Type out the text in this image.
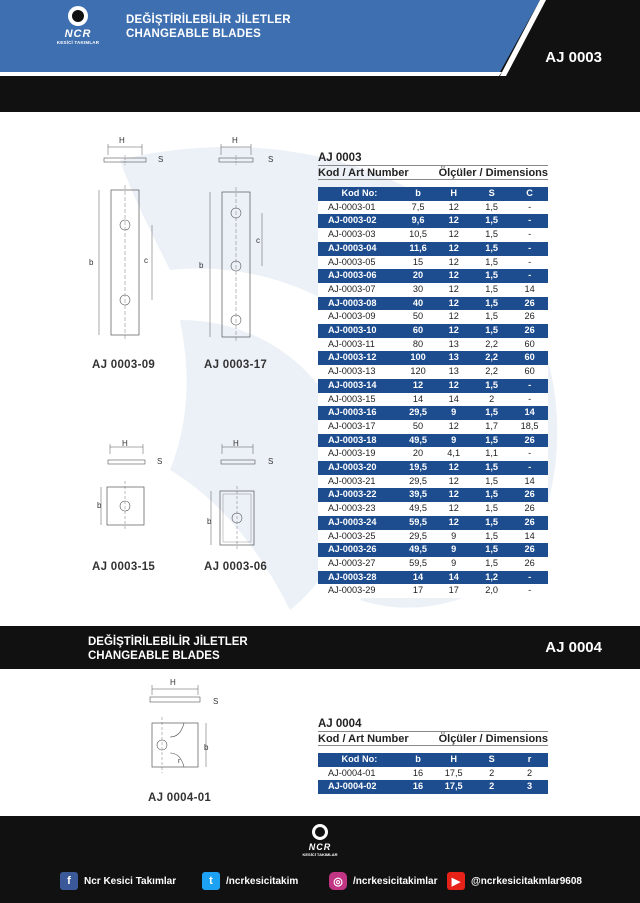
NCR
KESİCİ TAKIMLAR
DEĞİŞTİRİLEBİLİR JİLETLER
CHANGEABLE BLADES
AJ 0003
H
S
b	c
AJ 0003-09
H
S
b
c
AJ 0003-17
H
S
b
AJ 0003-15
H
S
b
AJ 0003-06
AJ 0003
Kod / Art Number	Ölçüler / Dimensions
Kod No:	b	H	S	C
AJ-0003-01	7,5	12	1,5	-
AJ-0003-02	9,6	12	1,5	-
AJ-0003-03	10,5	12	1,5	-
AJ-0003-04	11,6	12	1,5	-
AJ-0003-05	15	12	1,5	-
AJ-0003-06	20	12	1,5	-
AJ-0003-07	30	12	1,5	14
AJ-0003-08	40	12	1,5	26
AJ-0003-09	50	12	1,5	26
AJ-0003-10	60	12	1,5	26
AJ-0003-11	80	13	2,2	60
AJ-0003-12	100	13	2,2	60
AJ-0003-13	120	13	2,2	60
AJ-0003-14	12	12	1,5	-
AJ-0003-15	14	14	2	-
AJ-0003-16	29,5	9	1,5	14
AJ-0003-17	50	12	1,7	18,5
AJ-0003-18	49,5	9	1,5	26
AJ-0003-19	20	4,1	1,1	-
AJ-0003-20	19,5	12	1,5	-
AJ-0003-21	29,5	12	1,5	14
AJ-0003-22	39,5	12	1,5	26
AJ-0003-23	49,5	12	1,5	26
AJ-0003-24	59,5	12	1,5	26
AJ-0003-25	29,5	9	1,5	14
AJ-0003-26	49,5	9	1,5	26
AJ-0003-27	59,5	9	1,5	26
AJ-0003-28	14	14	1,2	-
AJ-0003-29	17	17	2,0	-
DEĞİŞTİRİLEBİLİR JİLETLER
CHANGEABLE BLADES	AJ 0004
H
S
b
r
AJ 0004-01
AJ 0004
Kod / Art Number	Ölçüler / Dimensions
Kod No:	b	H	S	r
AJ-0004-01	16	17,5	2	2
AJ-0004-02	16	17,5	2	3
NCR
KESİCİ TAKIMLAR
f	Ncr Kesici Takımlar	t	/ncrkesicitakim	◎	/ncrkesicitakimlar	▶	@ncrkesicitakmlar9608
